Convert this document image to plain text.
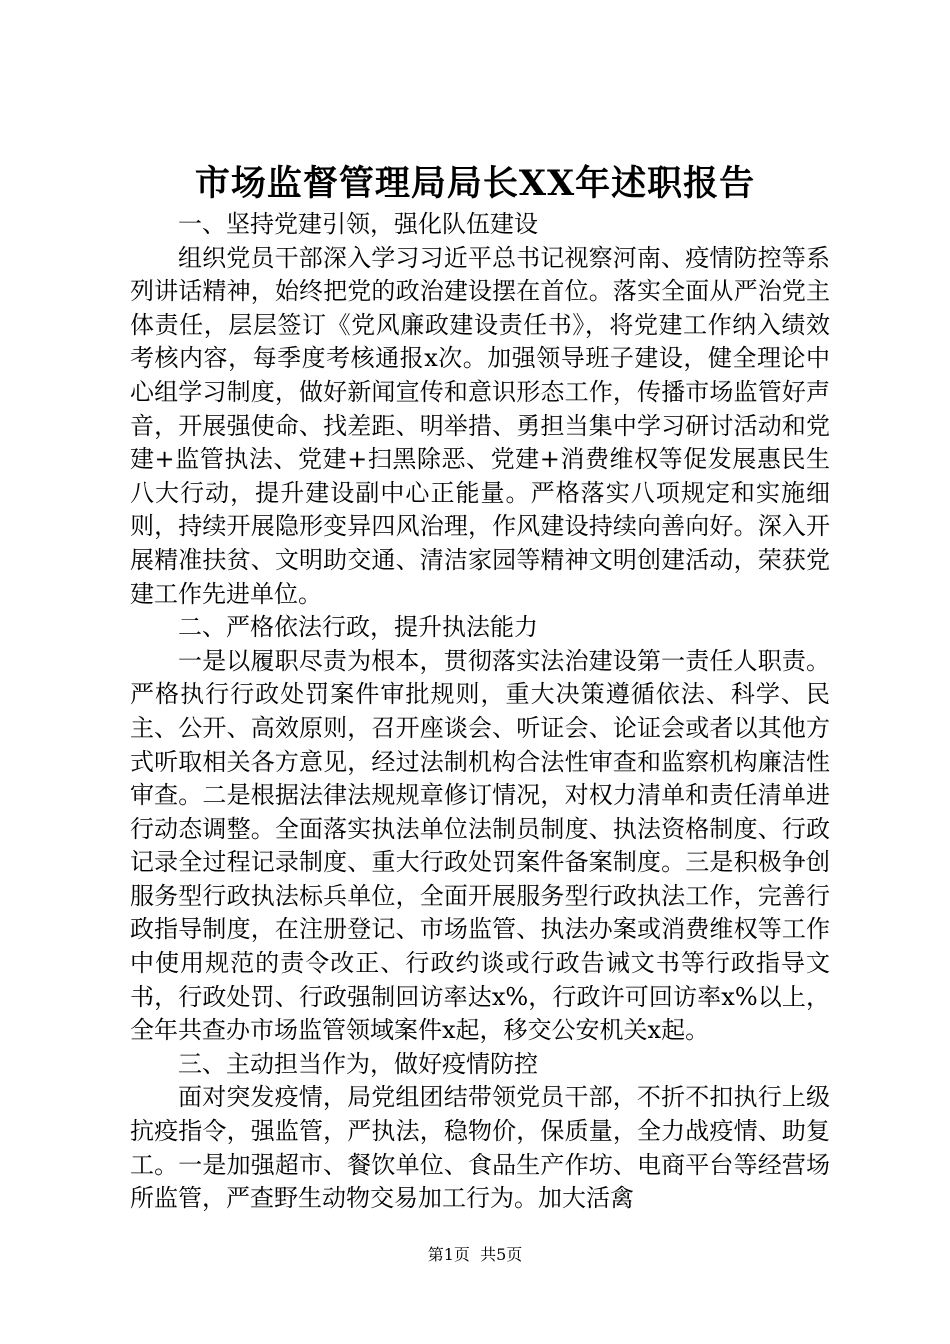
市场监督管理局局长XX年述职报告

一、坚持党建引领，强化队伍建设

组织党员干部深入学习习近平总书记视察河南、疫情防控等系列讲话精神，始终把党的政治建设摆在首位。落实全面从严治党主体责任，层层签订《党风廉政建设责任书》，将党建工作纳入绩效考核内容，每季度考核通报x次。加强领导班子建设，健全理论中心组学习制度，做好新闻宣传和意识形态工作，传播市场监管好声音，开展强使命、找差距、明举措、勇担当集中学习研讨活动和党建+监管执法、党建+扫黑除恶、党建+消费维权等促发展惠民生八大行动，提升建设副中心正能量。严格落实八项规定和实施细则，持续开展隐形变异四风治理，作风建设持续向善向好。深入开展精准扶贫、文明助交通、清洁家园等精神文明创建活动，荣获党建工作先进单位。

二、严格依法行政，提升执法能力

一是以履职尽责为根本，贯彻落实法治建设第一责任人职责。严格执行行政处罚案件审批规则，重大决策遵循依法、科学、民主、公开、高效原则，召开座谈会、听证会、论证会或者以其他方式听取相关各方意见，经过法制机构合法性审查和监察机构廉洁性审查。二是根据法律法规规章修订情况，对权力清单和责任清单进行动态调整。全面落实执法单位法制员制度、执法资格制度、行政记录全过程记录制度、重大行政处罚案件备案制度。三是积极争创服务型行政执法标兵单位，全面开展服务型行政执法工作，完善行政指导制度，在注册登记、市场监管、执法办案或消费维权等工作中使用规范的责令改正、行政约谈或行政告诫文书等行政指导文书，行政处罚、行政强制回访率达x%，行政许可回访率x%以上，全年共查办市场监管领域案件x起，移交公安机关x起。

三、主动担当作为，做好疫情防控

面对突发疫情，局党组团结带领党员干部，不折不扣执行上级抗疫指令，强监管，严执法，稳物价，保质量，全力战疫情、助复工。一是加强超市、餐饮单位、食品生产作坊、电商平台等经营场所监管，严查野生动物交易加工行为。加大活禽

第1页  共5页
